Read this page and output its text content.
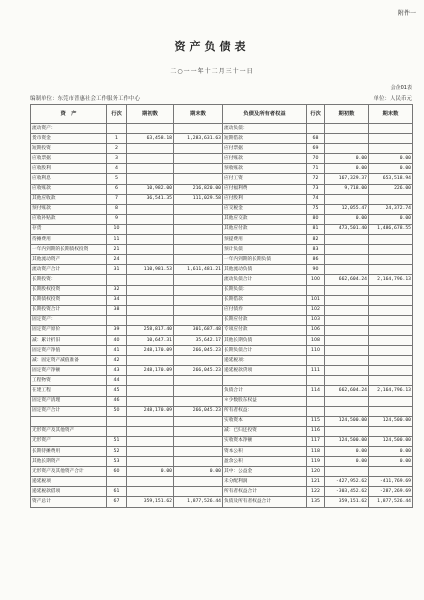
附件一
资产负债表
二○一一年十二月三十一日
会企01表
编制单位：东莞市普惠社会工作服务工作中心	单位：人民币元
资　产	行次	期初数	期末数	负债及所有者权益	行次	期初数	期末数
流动资产：				流动负债：			
货币资金	1	63,458.18	1,283,631.63	短期借款	68		
短期投资	2			应付票据	69		
应收票据	3			应付账款	70	0.00	0.00
应收股利	4			预收账款	71	0.00	0.00
应收利息	5			应付工资	72	167,329.37	653,518.94
应收账款	6	10,982.00	216,820.00	应付福利费	73	9,718.00	226.00
其他应收款	7	36,541.35	111,029.58	应付股利	74		
预付账款	8			应交税金	75	12,055.47	24,372.74
应收补贴款	9			其他应交款	80	0.00	0.00
存货	10			其他应付款	81	473,501.40	1,486,678.55
待摊费用	11			预提费用	82		
一年内到期的长期债权投资	21			预计负债	83		
其他流动资产	24			一年内到期的长期负债	86		
流动资产合计	31	110,981.53	1,611,481.21	其他流动负债	90		
长期投资：				流动负债合计	100	662,604.24	2,164,796.13
长期股权投资	32			长期负债：			
长期债权投资	34			长期借款	101		
长期投资合计	38			应付债券	102		
固定资产：				长期应付款	103		
固定资产原价	39	258,817.40	301,687.48	专项应付款	106		
减：累计折旧	40	10,647.31	35,642.17	其他长期负债	108		
固定资产净值	41	248,170.09	266,045.23	长期负债合计	110		
减：固定资产减值准备	42			递延税项：			
固定资产净额	43	248,170.09	266,045.23	递延税款贷项	111		
工程物资	44						
在建工程	45			负债合计	114	662,604.24	2,164,796.13
固定资产清理	46			＊少数股东权益			
固定资产合计	50	248,170.09	266,045.23	所有者权益：			
				实收资本	115	124,500.00	124,500.00
无形资产及其他资产				减：已归还投资	116		
无形资产	51			实收资本净额	117	124,500.00	124,500.00
长期待摊费用	52			资本公积	118	0.00	0.00
其他长期资产	53			盈余公积	119	0.00	0.00
无形资产及其他资产合计	60	0.00	0.00	其中：公益金	120		
递延税项				未分配利润	121	-427,952.62	-411,769.69
递延税款借项	61			所有者权益合计	122	-303,452.62	-287,269.69
资产总计	67	359,151.62	1,877,526.44	负债及所有者权益合计	135	359,151.62	1,877,526.44
